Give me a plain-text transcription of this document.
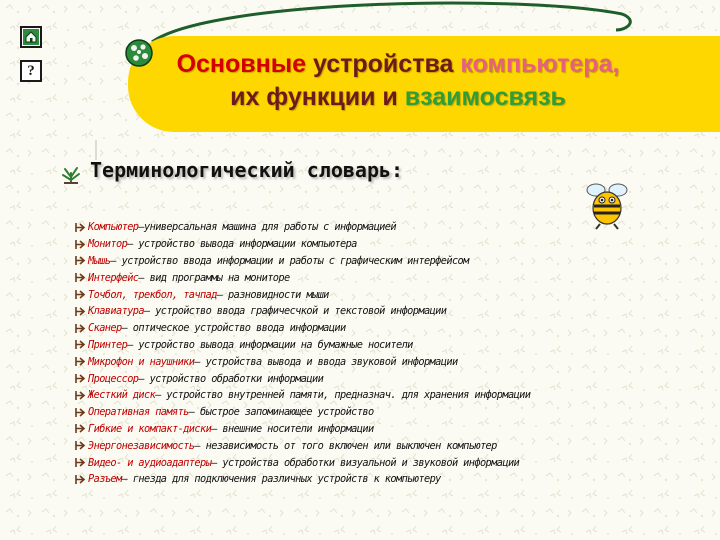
?	Основные устройства компьютера,
их функции и взаимосвязь
Терминологический словарь:
Компьютер –универсальная машина для работы с информацией
Монитор – устройство вывода информации компьютера
Мышь – устройство ввода информации и работы с графическим интерфейсом
Интерфейс – вид программы на мониторе
Точбол, трекбол, тачпад – разновидности мыши
Клавиатура – устройство ввода графичесчкой и текстовой информации
Сканер – оптическое устройство ввода информации
Принтер – устройство вывода информации на бумажные носители
Микрофон и наушники – устройства вывода и ввода звуковой информации
Процессор – устройство обработки информации
Жесткий диск – устройство внутренней памяти, предназнач. для хранения информации
Оперативная память – быстрое запоминающее устройство
Гибкие и компакт-диски – внешние носители информации
Энергонезависимость – независимость от того включен или выключен компьютер
Видео- и аудиоадаптеры – устройства обработки визуальной и звуковой информации
Разъем – гнезда для подключения различных устройств к компьютеру
